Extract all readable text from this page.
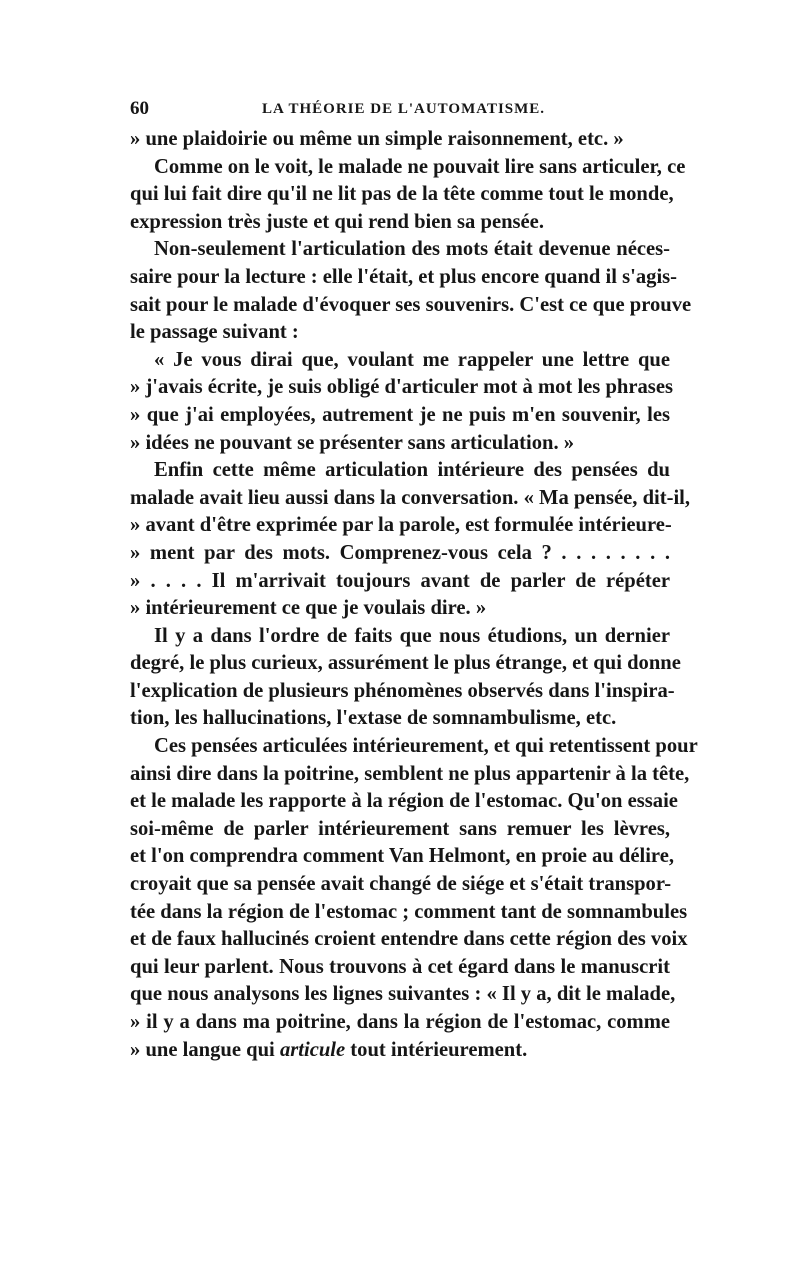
60	LA THÉORIE DE L'AUTOMATISME.

» une plaidoirie ou même un simple raisonnement, etc. »

Comme on le voit, le malade ne pouvait lire sans articuler, ce

qui lui fait dire qu'il ne lit pas de la tête comme tout le monde,

expression très juste et qui rend bien sa pensée.

Non-seulement l'articulation des mots était devenue néces-

saire pour la lecture : elle l'était, et plus encore quand il s'agis-

sait pour le malade d'évoquer ses souvenirs. C'est ce que prouve

le passage suivant :

« Je vous dirai que, voulant me rappeler une lettre que

» j'avais écrite, je suis obligé d'articuler mot à mot les phrases

» que j'ai employées, autrement je ne puis m'en souvenir, les

» idées ne pouvant se présenter sans articulation. »

Enfin cette même articulation intérieure des pensées du

malade avait lieu aussi dans la conversation. « Ma pensée, dit-il,

» avant d'être exprimée par la parole, est formulée intérieure-

» ment par des mots. Comprenez-vous cela ? . . . . . . . .

» . . . . Il m'arrivait toujours avant de parler de répéter

» intérieurement ce que je voulais dire. »

Il y a dans l'ordre de faits que nous étudions, un dernier

degré, le plus curieux, assurément le plus étrange, et qui donne

l'explication de plusieurs phénomènes observés dans l'inspira-

tion, les hallucinations, l'extase de somnambulisme, etc.

Ces pensées articulées intérieurement, et qui retentissent pour

ainsi dire dans la poitrine, semblent ne plus appartenir à la tête,

et le malade les rapporte à la région de l'estomac. Qu'on essaie

soi-même de parler intérieurement sans remuer les lèvres,

et l'on comprendra comment Van Helmont, en proie au délire,

croyait que sa pensée avait changé de siége et s'était transpor-

tée dans la région de l'estomac ; comment tant de somnambules

et de faux hallucinés croient entendre dans cette région des voix

qui leur parlent. Nous trouvons à cet égard dans le manuscrit

que nous analysons les lignes suivantes : « Il y a, dit le malade,

» il y a dans ma poitrine, dans la région de l'estomac, comme

» une langue qui articule tout intérieurement.
